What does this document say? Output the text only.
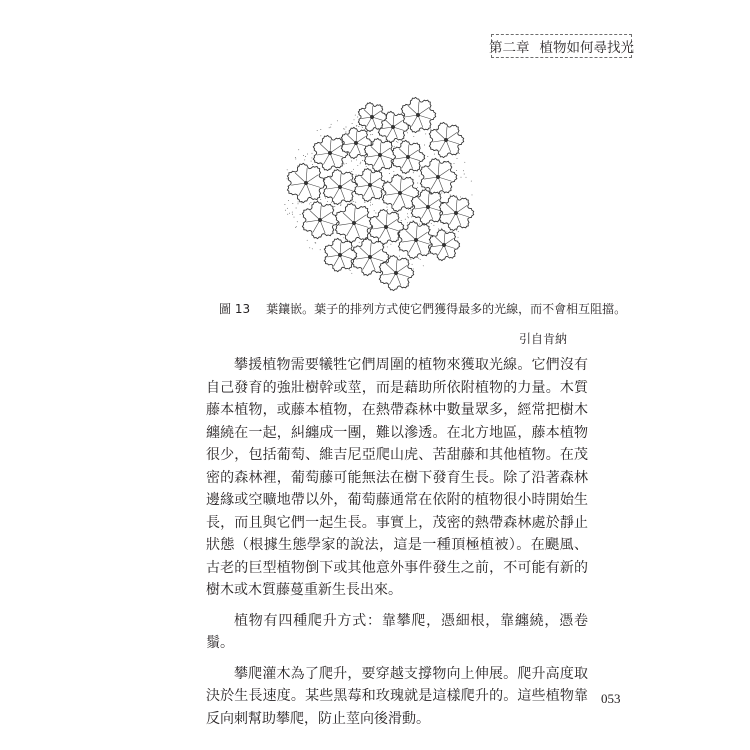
第二章 植物如何尋找光
圖 13 葉鑲嵌。葉子的排列方式使它們獲得最多的光線，而不會相互阻擋。
引自肯納

攀援植物需要犧牲它們周圍的植物來獲取光線。它們沒有自己發育的強壯樹幹或莖，而是藉助所依附植物的力量。木質藤本植物，或藤本植物，在熱帶森林中數量眾多，經常把樹木纏繞在一起，糾纏成一團，難以滲透。在北方地區，藤本植物很少，包括葡萄、維吉尼亞爬山虎、苦甜藤和其他植物。在茂密的森林裡，葡萄藤可能無法在樹下發育生長。除了沿著森林邊緣或空曠地帶以外，葡萄藤通常在依附的植物很小時開始生長，而且與它們一起生長。事實上，茂密的熱帶森林處於靜止狀態（根據生態學家的說法，這是一種頂極植被）。在颶風、古老的巨型植物倒下或其他意外事件發生之前，不可能有新的樹木或木質藤蔓重新生長出來。

植物有四種爬升方式：靠攀爬，憑細根，靠纏繞，憑卷鬚。

攀爬灌木為了爬升，要穿越支撐物向上伸展。爬升高度取決於生長速度。某些黑莓和玫瑰就是這樣爬升的。這些植物靠反向刺幫助攀爬，防止莖向後滑動。

053
